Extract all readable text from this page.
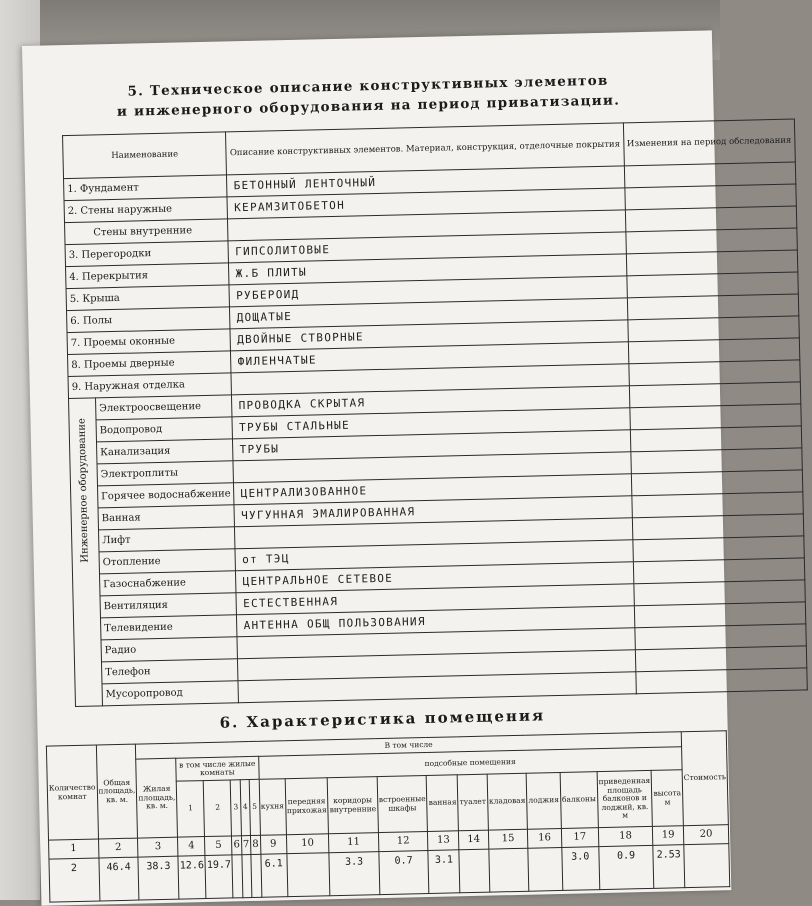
5. Техническое описание конструктивных элементов
и инженерного оборудования на период приватизации.
Наименование		Описание конструктивных элементов. Материал, конструкция, отделочные покрытия	Изменения на период обследования
1. Фундамент		БЕТОННЫЙ ЛЕНТОЧНЫЙ	

2. Стены наружные		КЕРАМЗИТОБЕТОН	

Стены внутренние		

3. Перегородки		ГИПСОЛИТОВЫЕ	

4. Перекрытия		Ж.Б ПЛИТЫ	

5. Крыша		РУБЕРОИД	

6. Полы		ДОЩАТЫЕ	

7. Проемы оконные		ДВОЙНЫЕ СТВОРНЫЕ	

8. Проемы дверные		ФИЛЕНЧАТЫЕ	

9. Наружная отделка		

Инженерное оборудование	Электроосвещение	ПРОВОДКА СКРЫТАЯ	

	Водопровод	ТРУБЫ СТАЛЬНЫЕ	

	Канализация	ТРУБЫ	

	Электроплиты	

	Горячее водоснабжение	ЦЕНТРАЛИЗОВАННОЕ	

	Ванная	ЧУГУННАЯ ЭМАЛИРОВАННАЯ	

	Лифт	

	Отопление	от ТЭЦ	

	Газоснабжение	ЦЕНТРАЛЬНОЕ СЕТЕВОЕ	

	Вентиляция	ЕСТЕСТВЕННАЯ	

	Телевидение	АНТЕННА ОБЩ ПОЛЬЗОВАНИЯ	

	Радио	

	Телефон	

	Мусоропровод	

6. Характеристика помещения
Количество комнат	Общая площадь, кв. м.	В том числе																	Стоимость
		Жилая площадь, кв. м.	в том числе жилые комнаты					подсобные помещения											
			1	2	3	4	5	кухня	передняя прихожая	коридоры внутренние	встроенные шкафы	ванная	туалет	кладовая	лоджия	балконы	приведенная площадь балконов и лоджий, кв. м	высота м	
1	2	3	4	5	6	7	8	9	10	11	12	13	14	15	16	17	18	19	20
2	46.4	38.3	12.6	19.7				6.1		3.3	0.7	3.1				3.0	0.9	2.53	
